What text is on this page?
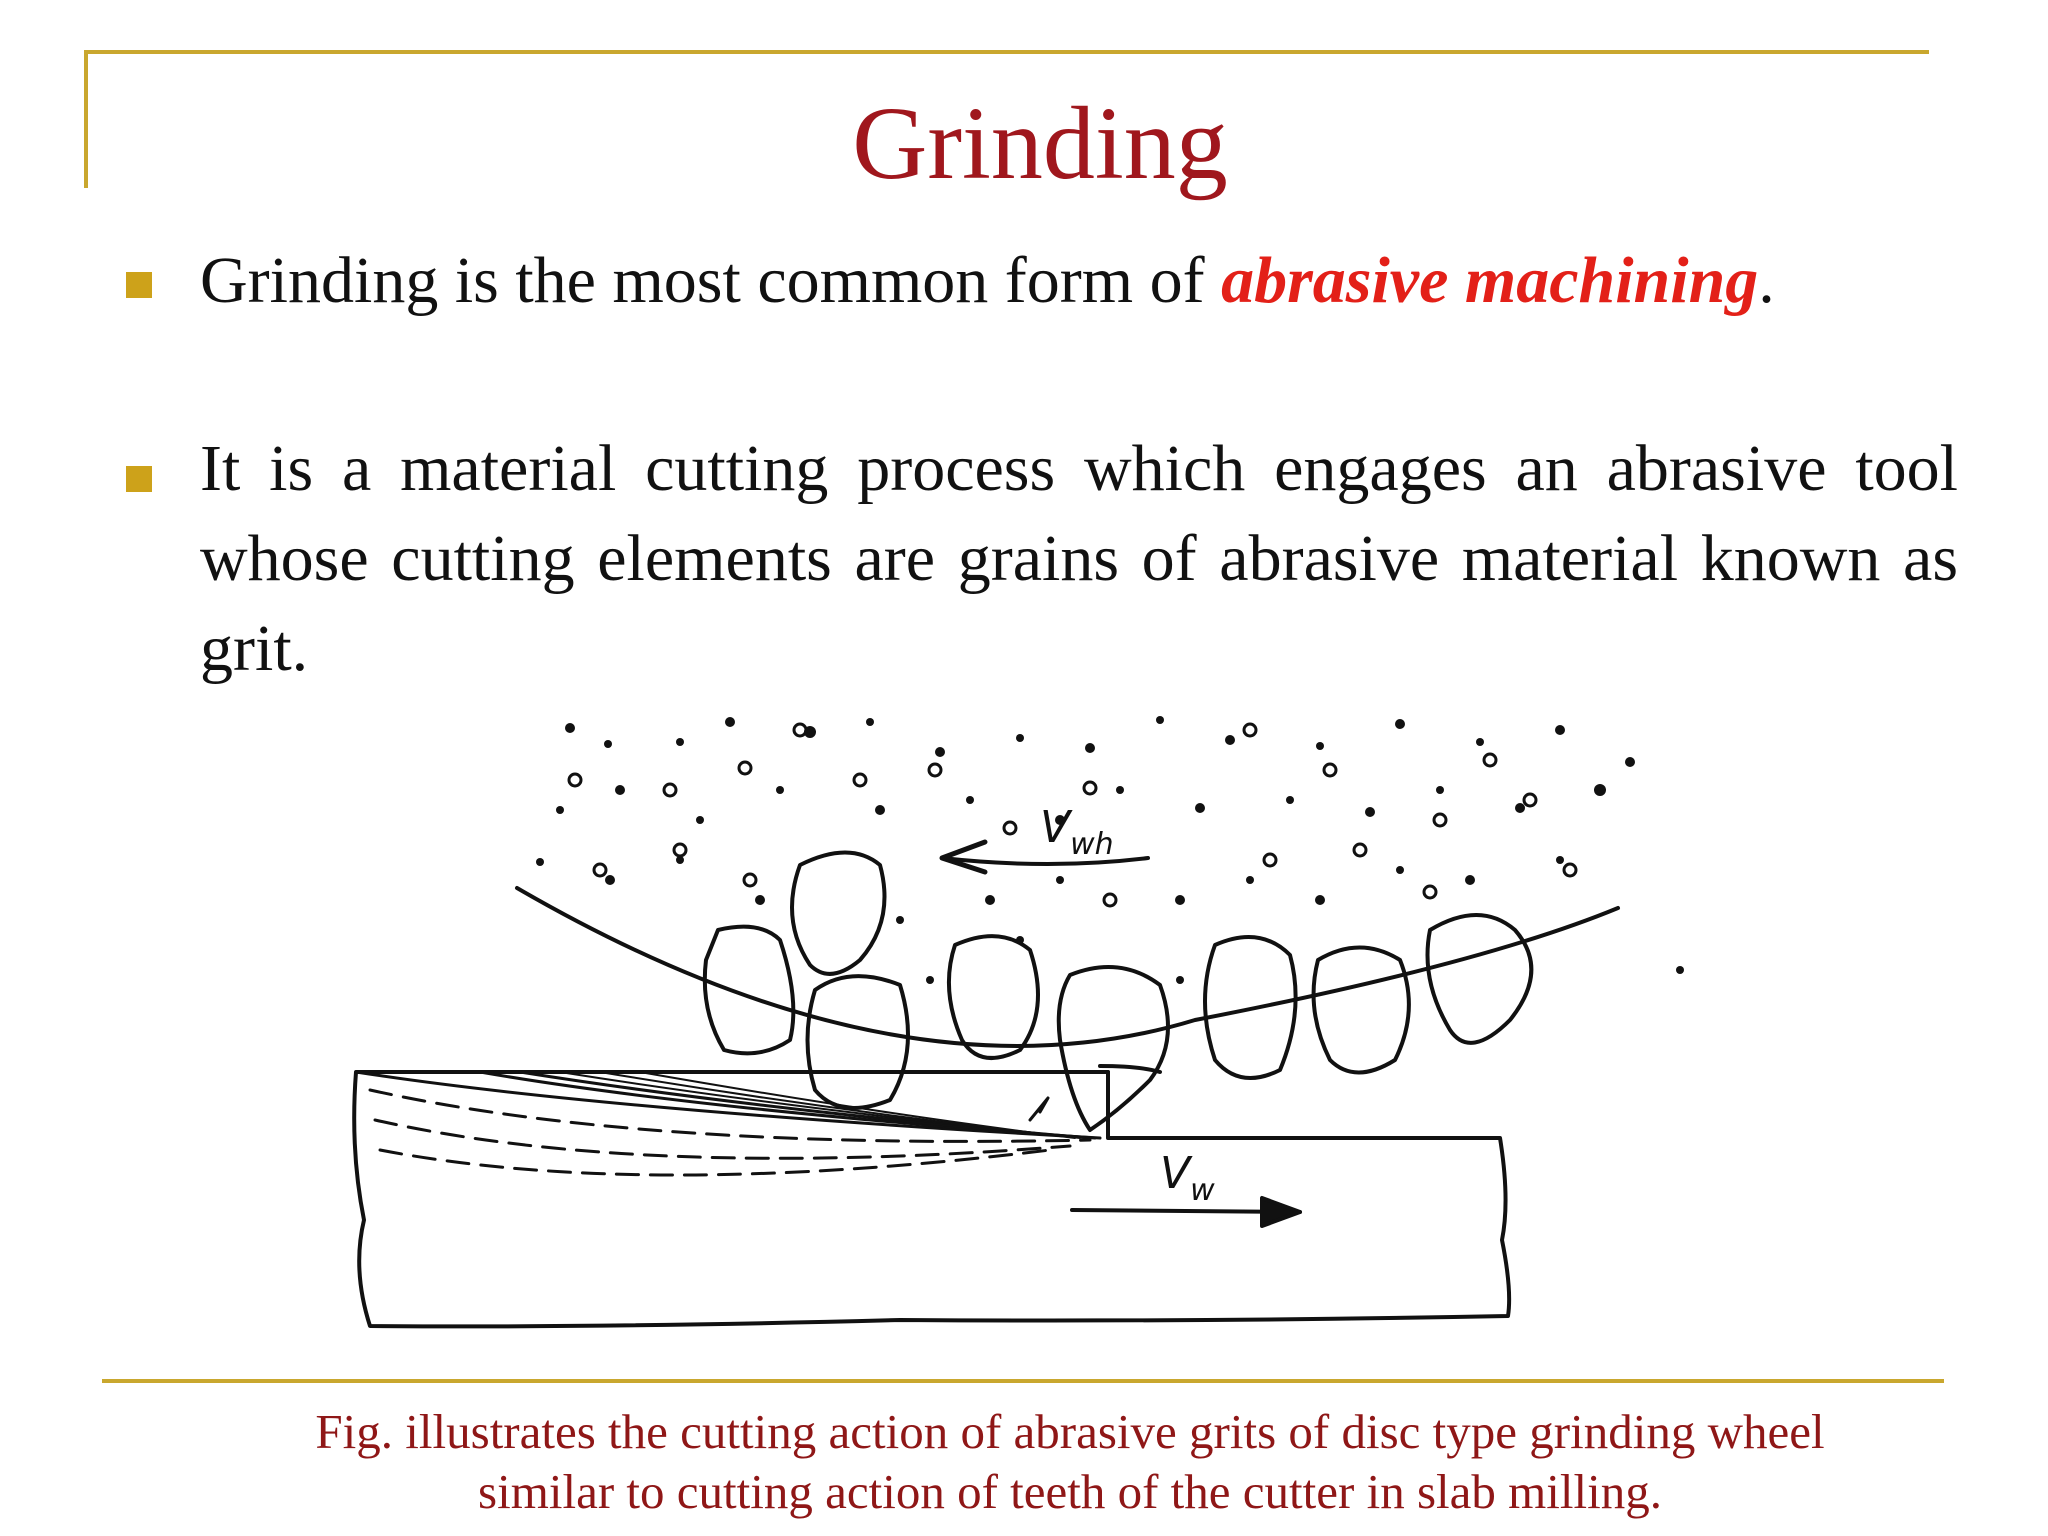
Grinding
Grinding is the most common form of abrasive machining.
It is a material cutting process which engages an abrasive tool whose cutting elements are grains of abrasive material known as grit.
$V_{wh}$
$V_w$
Fig. illustrates the cutting action of abrasive grits of disc type grinding wheel
similar to cutting action of teeth of the cutter in slab milling.
